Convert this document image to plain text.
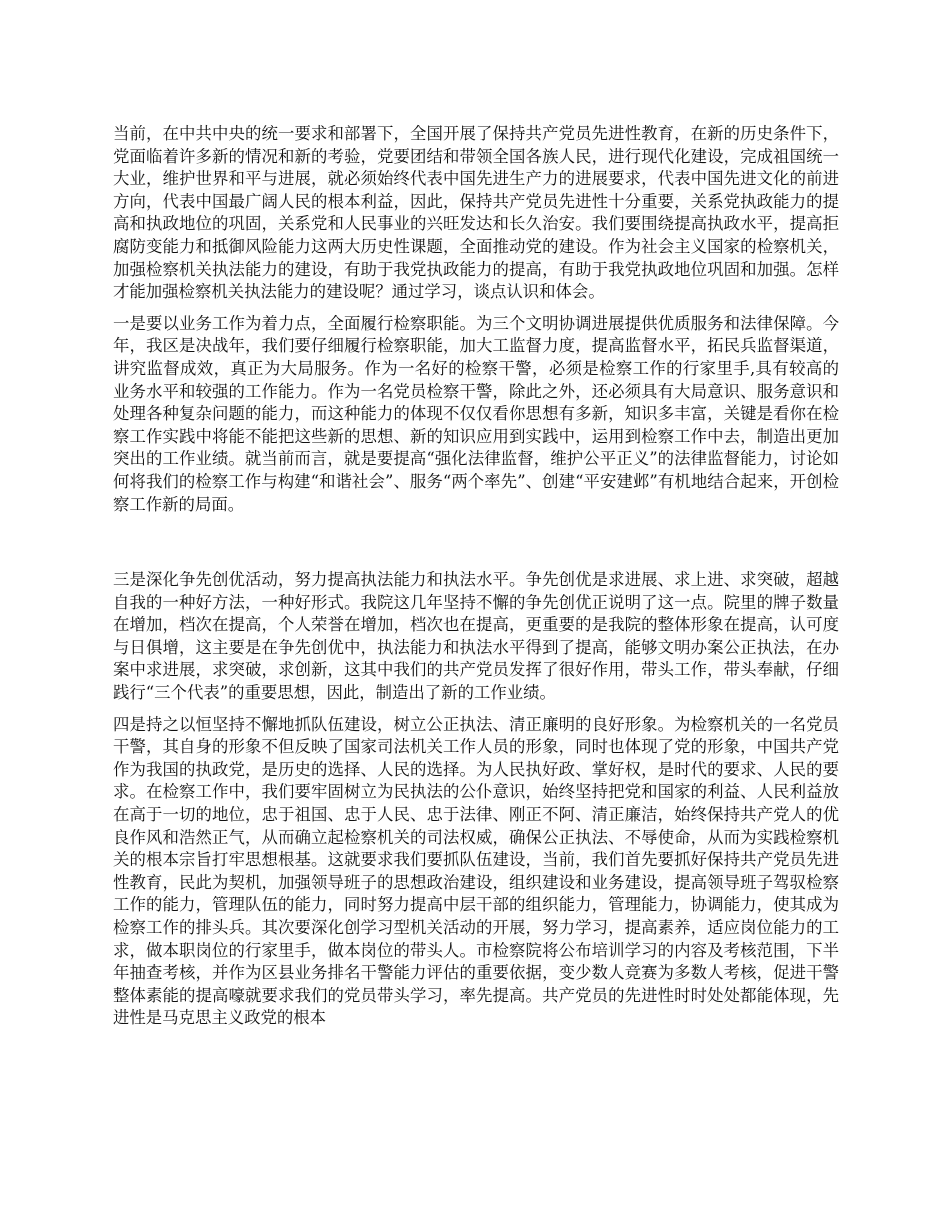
当前，在中共中央的统一要求和部署下，全国开展了保持共产党员先进性教育，在新的历史条件下，党面临着许多新的情况和新的考验，党要团结和带领全国各族人民，进行现代化建设，完成祖国统一大业，维护世界和平与进展，就必须始终代表中国先进生产力的进展要求，代表中国先进文化的前进方向，代表中国最广阔人民的根本利益，因此，保持共产党员先进性十分重要，关系党执政能力的提高和执政地位的巩固，关系党和人民事业的兴旺发达和长久治安。我们要围绕提高执政水平，提高拒腐防变能力和抵御风险能力这两大历史性课题，全面推动党的建设。作为社会主义国家的检察机关，加强检察机关执法能力的建设，有助于我党执政能力的提高，有助于我党执政地位巩固和加强。怎样才能加强检察机关执法能力的建设呢？通过学习，谈点认识和体会。

一是要以业务工作为着力点，全面履行检察职能。为三个文明协调进展提供优质服务和法律保障。今年，我区是决战年，我们要仔细履行检察职能，加大工监督力度，提高监督水平，拓民兵监督渠道，讲究监督成效，真正为大局服务。作为一名好的检察干警，必须是检察工作的行家里手,具有较高的业务水平和较强的工作能力。作为一名党员检察干警，除此之外，还必须具有大局意识、服务意识和处理各种复杂问题的能力，而这种能力的体现不仅仅看你思想有多新，知识多丰富，关键是看你在检察工作实践中将能不能把这些新的思想、新的知识应用到实践中，运用到检察工作中去，制造出更加突出的工作业绩。就当前而言，就是要提高“强化法律监督，维护公平正义”的法律监督能力，讨论如何将我们的检察工作与构建“和谐社会”、服务“两个率先”、创建“平安建邺”有机地结合起来，开创检察工作新的局面。

三是深化争先创优活动，努力提高执法能力和执法水平。争先创优是求进展、求上进、求突破，超越自我的一种好方法，一种好形式。我院这几年坚持不懈的争先创优正说明了这一点。院里的牌子数量在增加，档次在提高，个人荣誉在增加，档次也在提高，更重要的是我院的整体形象在提高，认可度与日俱增，这主要是在争先创优中，执法能力和执法水平得到了提高，能够文明办案公正执法，在办案中求进展，求突破，求创新，这其中我们的共产党员发挥了很好作用，带头工作，带头奉献，仔细践行“三个代表”的重要思想，因此，制造出了新的工作业绩。

四是持之以恒坚持不懈地抓队伍建设，树立公正执法、清正廉明的良好形象。为检察机关的一名党员干警，其自身的形象不但反映了国家司法机关工作人员的形象，同时也体现了党的形象，中国共产党作为我国的执政党，是历史的选择、人民的选择。为人民执好政、掌好权，是时代的要求、人民的要求。在检察工作中，我们要牢固树立为民执法的公仆意识，始终坚持把党和国家的利益、人民利益放在高于一切的地位，忠于祖国、忠于人民、忠于法律、刚正不阿、清正廉洁，始终保持共产党人的优良作风和浩然正气，从而确立起检察机关的司法权威，确保公正执法、不辱使命，从而为实践检察机关的根本宗旨打牢思想根基。这就要求我们要抓队伍建设，当前，我们首先要抓好保持共产党员先进性教育，民此为契机，加强领导班子的思想政治建设，组织建设和业务建设，提高领导班子驾驭检察工作的能力，管理队伍的能力，同时努力提高中层干部的组织能力，管理能力，协调能力，使其成为检察工作的排头兵。其次要深化创学习型机关活动的开展，努力学习，提高素养，适应岗位能力的工求，做本职岗位的行家里手，做本岗位的带头人。市检察院将公布培训学习的内容及考核范围，下半年抽查考核，并作为区县业务排名干警能力评估的重要依据，变少数人竞赛为多数人考核，促进干警整体素能的提高嚎就要求我们的党员带头学习，率先提高。共产党员的先进性时时处处都能体现，先进性是马克思主义政党的根本
